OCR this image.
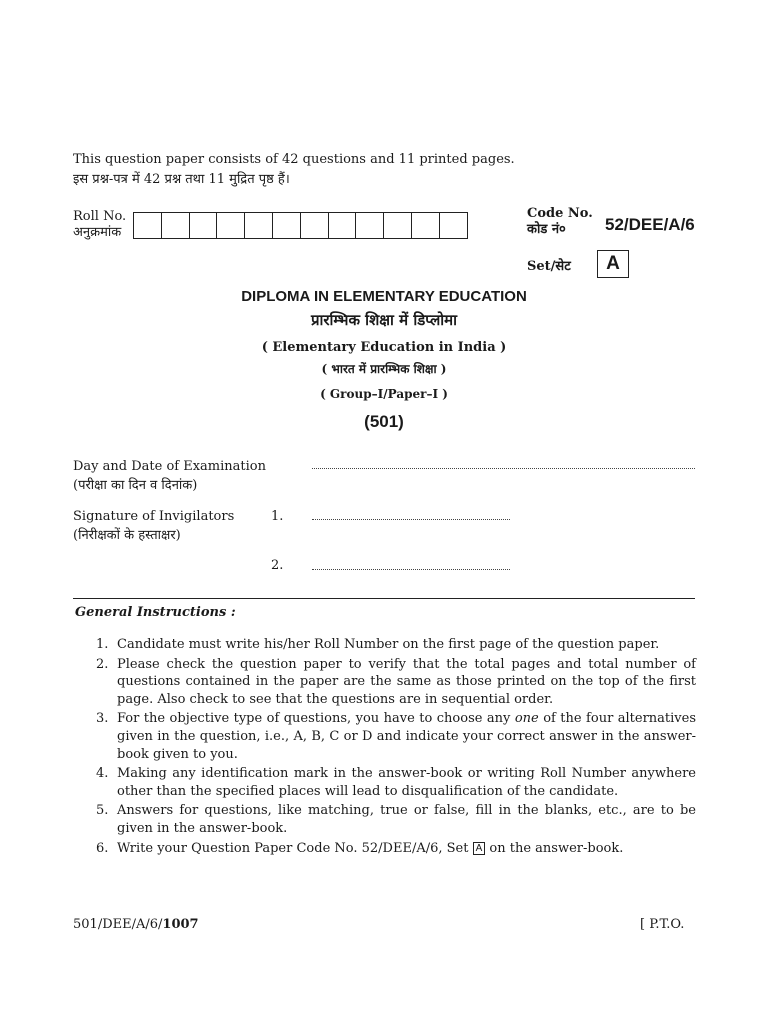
This question paper consists of 42 questions and 11 printed pages.
इस प्रश्न-पत्र में 42 प्रश्न तथा 11 मुद्रित पृष्ठ हैं।
Roll No.
अनुक्रमांक
Code No.
कोड नं०	52/DEE/A/6
Set/सेट	A
DIPLOMA IN ELEMENTARY EDUCATION
प्रारम्भिक शिक्षा में डिप्लोमा
( Elementary Education in India )
( भारत में प्रारम्भिक शिक्षा )
( Group–I/Paper–I )
(501)
Day and Date of Examination
(परीक्षा का दिन व दिनांक)
Signature of Invigilators
(निरीक्षकों के हस्ताक्षर)
1.
2.
General Instructions :
1. Candidate must write his/her Roll Number on the first page of the question paper.
2. Please check the question paper to verify that the total pages and total number of questions contained in the paper are the same as those printed on the top of the first page. Also check to see that the questions are in sequential order.
3. For the objective type of questions, you have to choose any one of the four alternatives given in the question, i.e., A, B, C or D and indicate your correct answer in the answer-book given to you.
4. Making any identification mark in the answer-book or writing Roll Number anywhere other than the specified places will lead to disqualification of the candidate.
5. Answers for questions, like matching, true or false, fill in the blanks, etc., are to be given in the answer-book.
6. Write your Question Paper Code No. 52/DEE/A/6, Set A on the answer-book.
501/DEE/A/6/1007	[ P.T.O.
